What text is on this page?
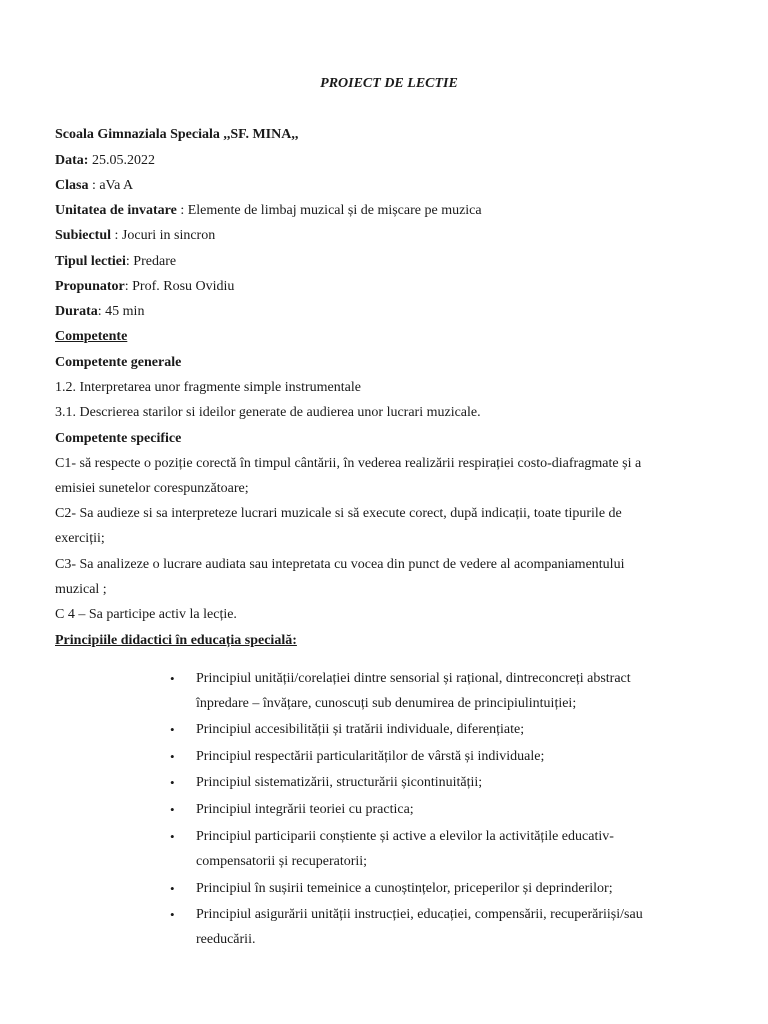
PROIECT DE LECTIE
Scoala Gimnaziala Speciala ,,SF. MINA,,
Data: 25.05.2022
Clasa : aVa A
Unitatea de invatare : Elemente de limbaj muzical și de mișcare pe muzica
Subiectul : Jocuri in sincron
Tipul lectiei: Predare
Propunator: Prof. Rosu Ovidiu
Durata: 45 min
Competente
Competente generale
1.2. Interpretarea unor fragmente simple instrumentale
3.1. Descrierea starilor si ideilor generate de audierea unor lucrari muzicale.
Competente specifice
C1- să respecte o poziție corectă în timpul cântării, în vederea realizării respirației costo-diafragmate și a
emisiei sunetelor corespunzătoare;
C2- Sa audieze si sa interpreteze lucrari muzicale si să execute corect, după indicații, toate tipurile de
exerciții;
C3- Sa analizeze o lucrare audiata sau intepretata cu vocea din punct de vedere al acompaniamentului
muzical ;
C 4 – Sa participe activ la lecție.
Principiile didactici în educația specială:
• Principiul unității/corelației dintre sensorial și rațional, dintreconcreți abstract
înpredare – învățare, cunoscuți sub denumirea de principiulintuiției;
• Principiul accesibilității și tratării individuale, diferențiate;
• Principiul respectării particularităților de vârstă și individuale;
• Principiul sistematizării, structurării șicontinuității;
• Principiul integrării teoriei cu practica;
• Principiul participarii conștiente și active a elevilor la activitățile educativ-
compensatorii și recuperatorii;
• Principiul în sușirii temeinice a cunoștințelor, priceperilor și deprinderilor;
• Principiul asigurării unității instrucției, educației, compensării, recuperăriiși/sau
reeducării.
